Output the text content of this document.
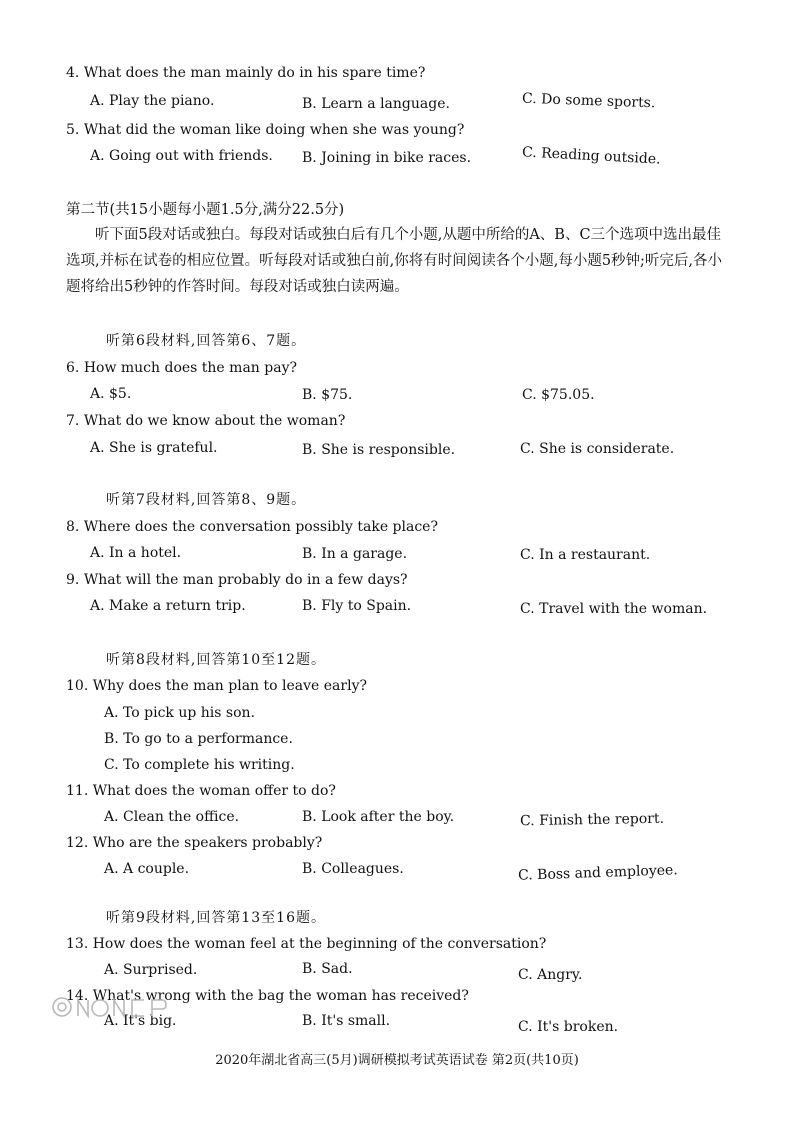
4. What does the man mainly do in his spare time?
A. Play the piano.	B. Learn a language.	C. Do some sports.
5. What did the woman like doing when she was young?
A. Going out with friends. B. Joining in bike races.	C. Reading outside.
第二节(共15小题每小题1.5分,满分22.5分)
听下面5段对话或独白。每段对话或独白后有几个小题,从题中所给的A、B、C三个选项中选出最佳选项,并标在试卷的相应位置。听每段对话或独白前,你将有时间阅读各个小题,每小题5秒钟;听完后,各小题将给出5秒钟的作答时间。每段对话或独白读两遍。
听第6段材料,回答第6、7题。
6. How much does the man pay?
A. $5.	B. $75.	C. $75.05.
7. What do we know about the woman?
A. She is grateful.	B. She is responsible.	C. She is considerate.
听第7段材料,回答第8、9题。
8. Where does the conversation possibly take place?
A. In a hotel.	B. In a garage.	C. In a restaurant.
9. What will the man probably do in a few days?
A. Make a return trip.	B. Fly to Spain.	C. Travel with the woman.
听第8段材料,回答第10至12题。
10. Why does the man plan to leave early?
A. To pick up his son.
B. To go to a performance.
C. To complete his writing.
11. What does the woman offer to do?
A. Clean the office.	B. Look after the boy.	C. Finish the report.
12. Who are the speakers probably?
A. A couple.	B. Colleagues.	C. Boss and employee.
听第9段材料,回答第13至16题。
13. How does the woman feel at the beginning of the conversation?
A. Surprised.	B. Sad.	C. Angry.
14. What's wrong with the bag the woman has received?
A. It's big.	B. It's small.	C. It's broken.
2020年湖北省高三(5月)调研模拟考试英语试卷 第2页(共10页)
